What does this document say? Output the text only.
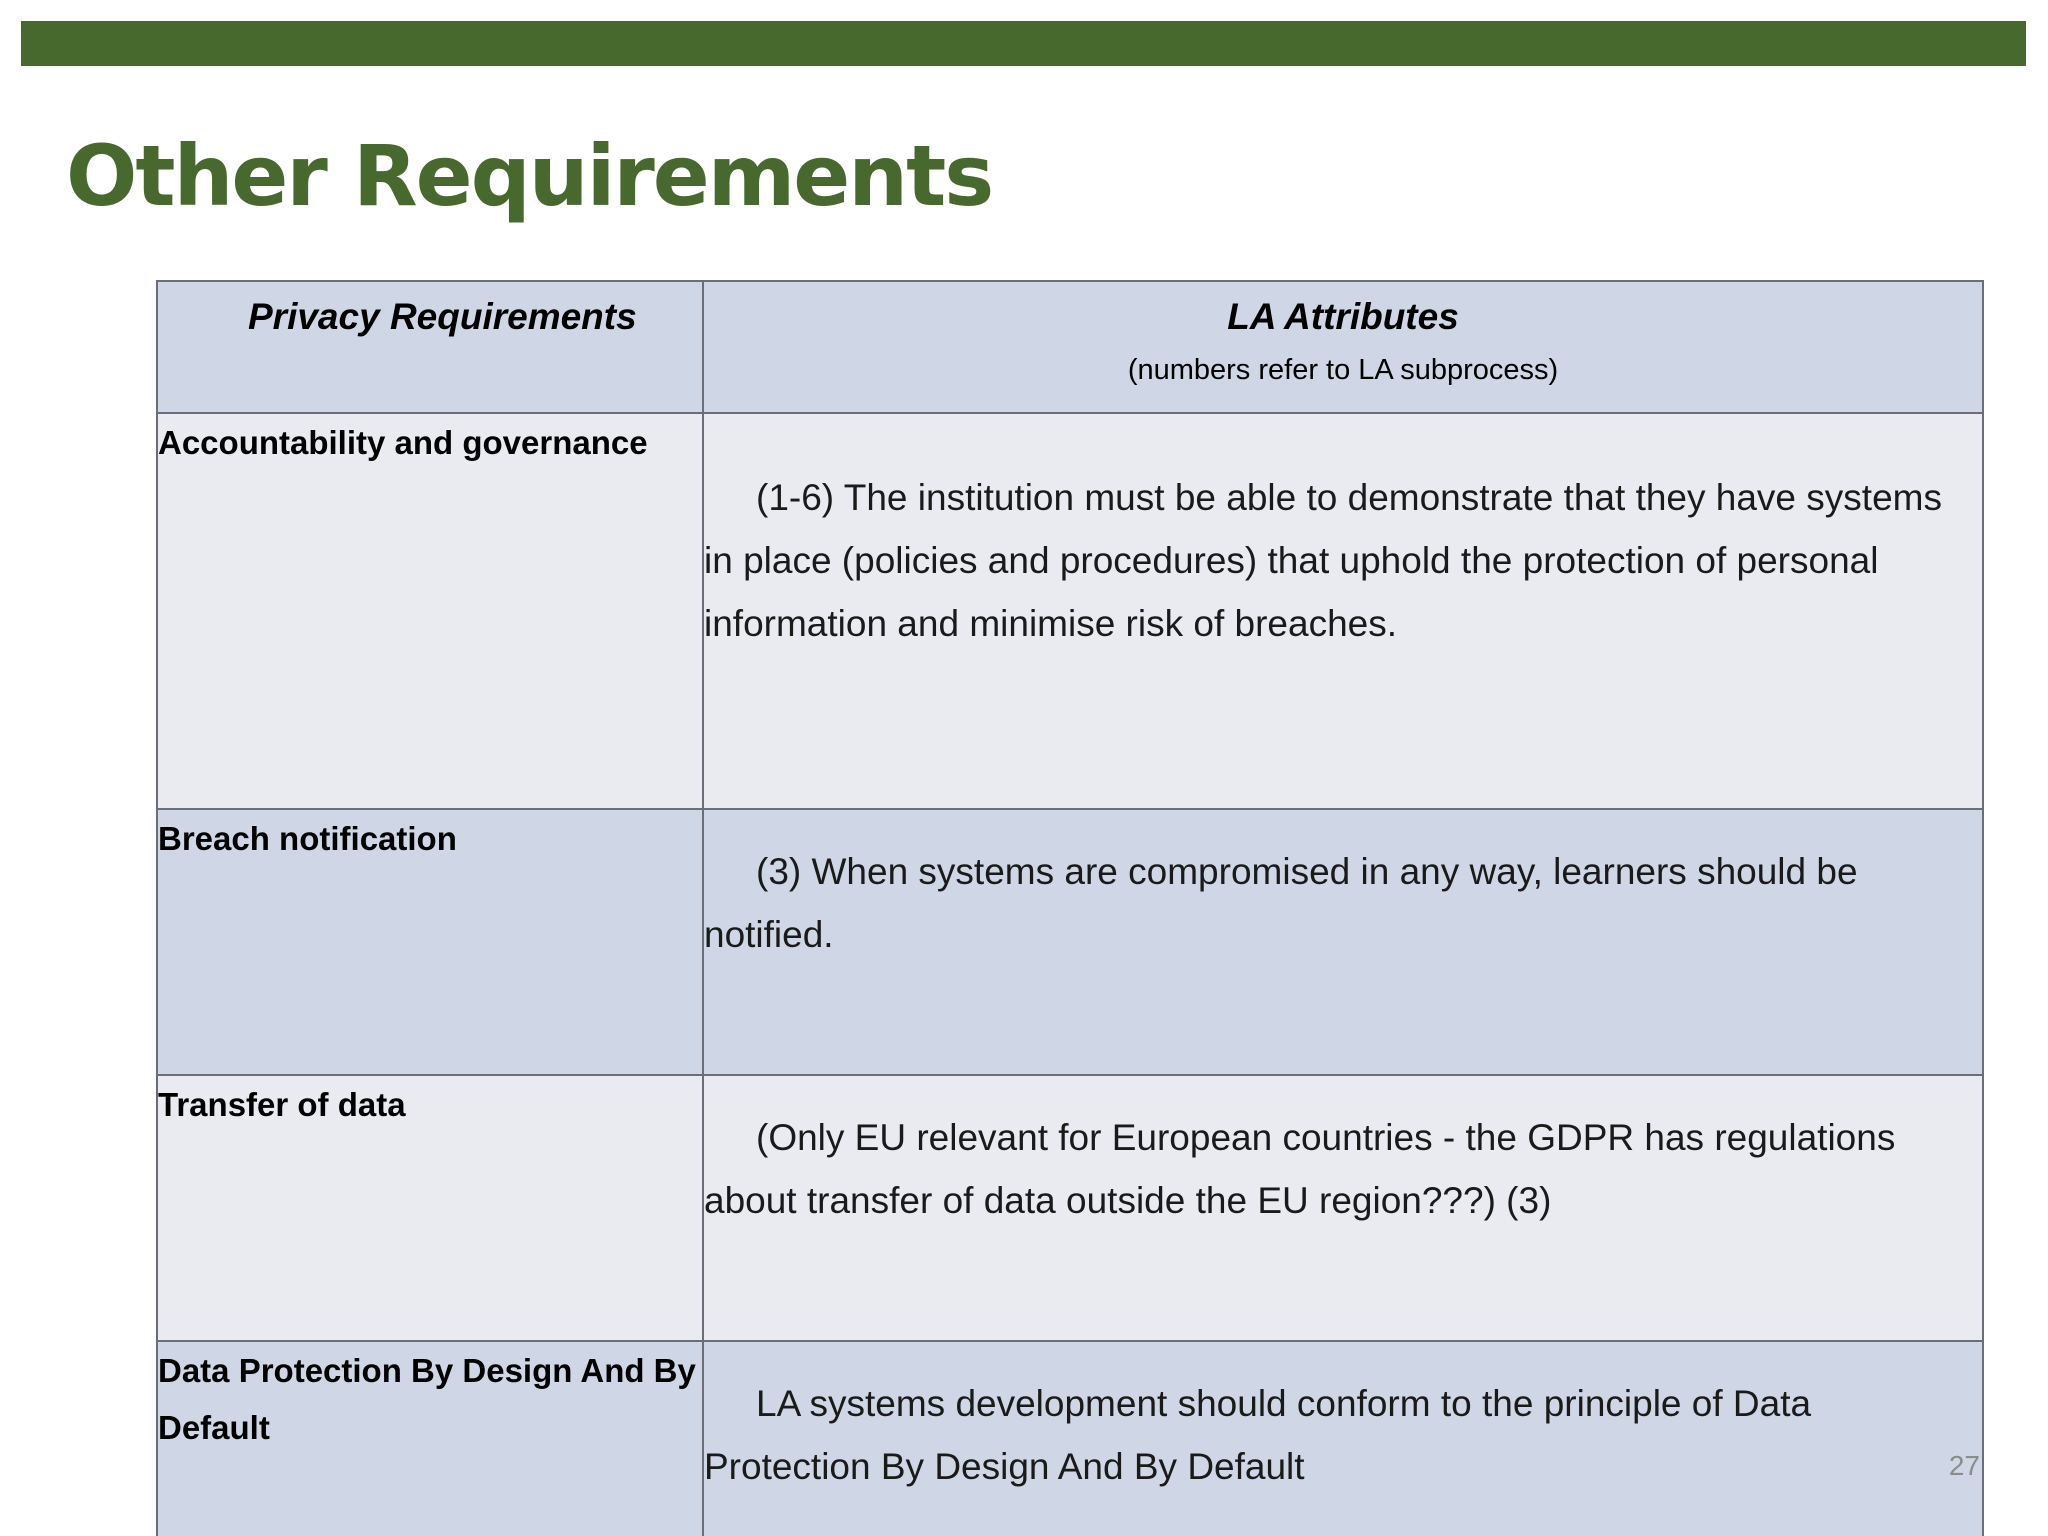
Other Requirements
Privacy Requirements	LA Attributes
(numbers refer to LA subprocess)

Accountability and governance	(1-6) The institution must be able to demonstrate that they have systems in place (policies and procedures) that uphold the protection of personal information and minimise risk of breaches.
Breach notification	(3) When systems are compromised in any way, learners should be notified.
Transfer of data	(Only EU relevant for European countries - the GDPR has regulations about transfer of data outside the EU region???) (3)
Data Protection By Design And By Default	LA systems development should conform to the principle of Data Protection By Design And By Default	27
